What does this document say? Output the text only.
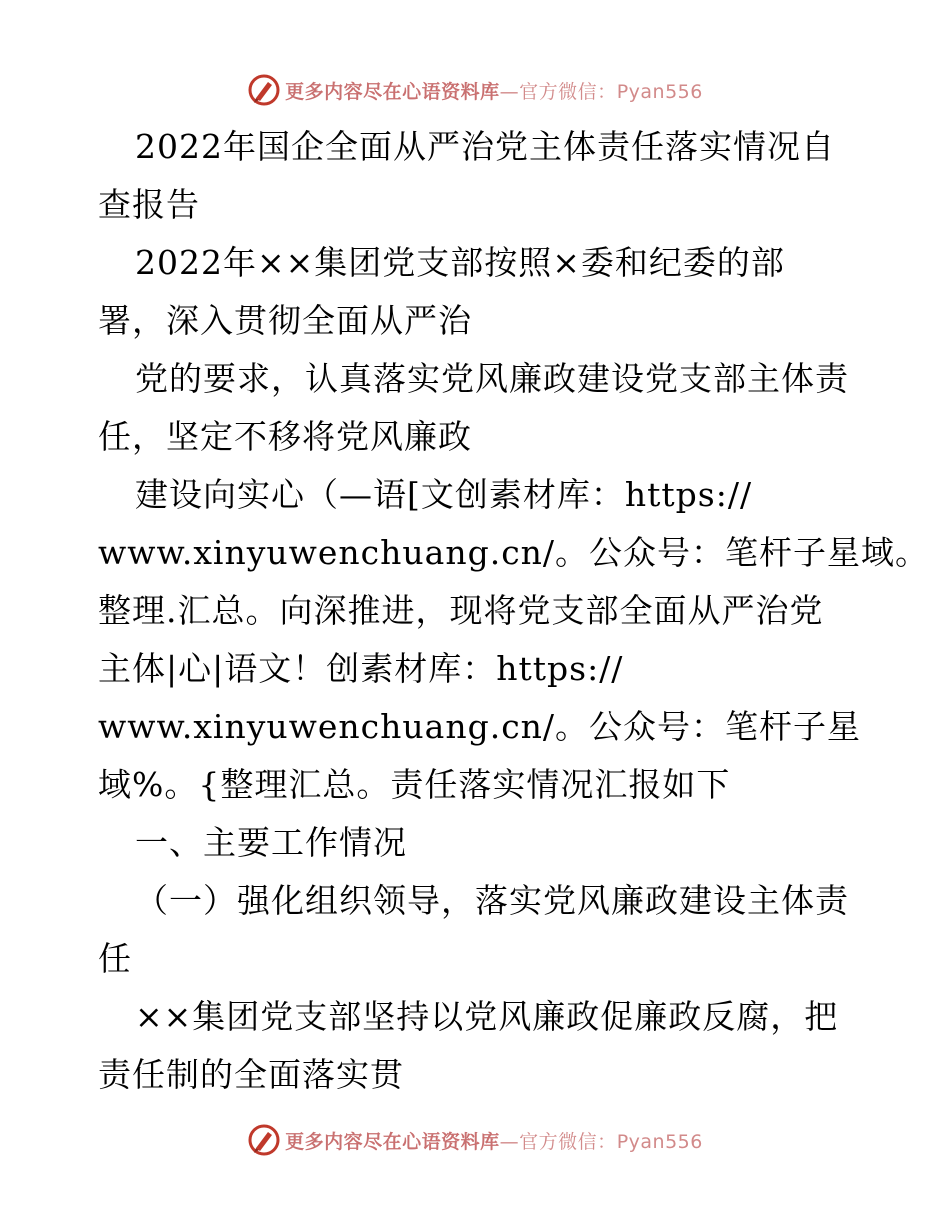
更多内容尽在心语资料库—官方微信：Pyan556
2022年国企全面从严治党主体责任落实情况自
查报告
2022年××集团党支部按照×委和纪委的部
署，深入贯彻全面从严治
党的要求，认真落实党风廉政建设党支部主体责
任，坚定不移将党风廉政
建设向实心（—语[文创素材库：https://
www.xinyuwenchuang.cn/。公众号：笔杆子星域。
整理.汇总。向深推进，现将党支部全面从严治党
主体|心|语文！创素材库：https://
www.xinyuwenchuang.cn/。公众号：笔杆子星
域%。{整理汇总。责任落实情况汇报如下
一、主要工作情况
（一）强化组织领导，落实党风廉政建设主体责
任
××集团党支部坚持以党风廉政促廉政反腐，把
责任制的全面落实贯
更多内容尽在心语资料库—官方微信：Pyan556
